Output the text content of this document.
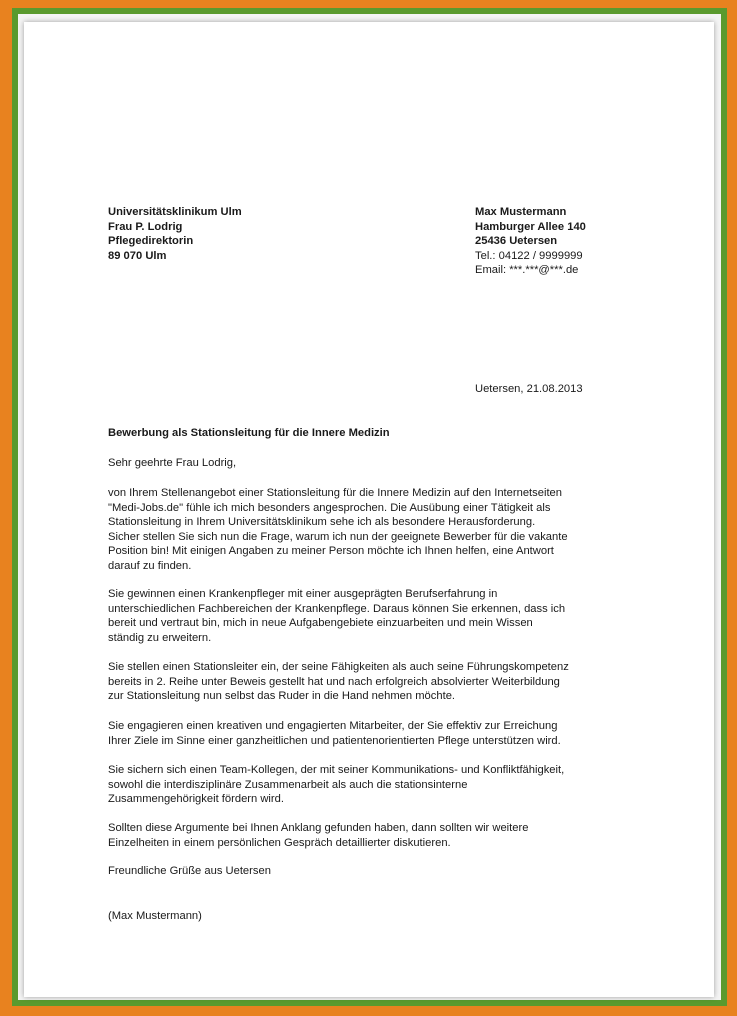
Universitätsklinikum Ulm
Frau P. Lodrig
Pflegedirektorin
89 070 Ulm
Max Mustermann
Hamburger Allee 140
25436 Uetersen
Tel.: 04122 / 9999999
Email: ***.***@***.de
Uetersen, 21.08.2013
Bewerbung als Stationsleitung für die Innere Medizin
Sehr geehrte Frau Lodrig,
von Ihrem Stellenangebot einer Stationsleitung für die Innere Medizin auf den Internetseiten
"Medi-Jobs.de" fühle ich mich besonders angesprochen. Die Ausübung einer Tätigkeit als
Stationsleitung in Ihrem Universitätsklinikum sehe ich als besondere Herausforderung.
Sicher stellen Sie sich nun die Frage, warum ich nun der geeignete Bewerber für die vakante
Position bin! Mit einigen Angaben zu meiner Person möchte ich Ihnen helfen, eine Antwort
darauf zu finden.
Sie gewinnen einen Krankenpfleger mit einer ausgeprägten Berufserfahrung in
unterschiedlichen Fachbereichen der Krankenpflege. Daraus können Sie erkennen, dass ich
bereit und vertraut bin, mich in neue Aufgabengebiete einzuarbeiten und mein Wissen
ständig zu erweitern.
Sie stellen einen Stationsleiter ein, der seine Fähigkeiten als auch seine Führungskompetenz
bereits in 2. Reihe unter Beweis gestellt hat und nach erfolgreich absolvierter Weiterbildung
zur Stationsleitung nun selbst das Ruder in die Hand nehmen möchte.
Sie engagieren einen kreativen und engagierten Mitarbeiter, der Sie effektiv zur Erreichung
Ihrer Ziele im Sinne einer ganzheitlichen und patientenorientierten Pflege unterstützen wird.
Sie sichern sich einen Team-Kollegen, der mit seiner Kommunikations- und Konfliktfähigkeit,
sowohl die interdisziplinäre Zusammenarbeit als auch die stationsinterne
Zusammengehörigkeit fördern wird.
Sollten diese Argumente bei Ihnen Anklang gefunden haben, dann sollten wir weitere
Einzelheiten in einem persönlichen Gespräch detaillierter diskutieren.
Freundliche Grüße aus Uetersen
(Max Mustermann)
